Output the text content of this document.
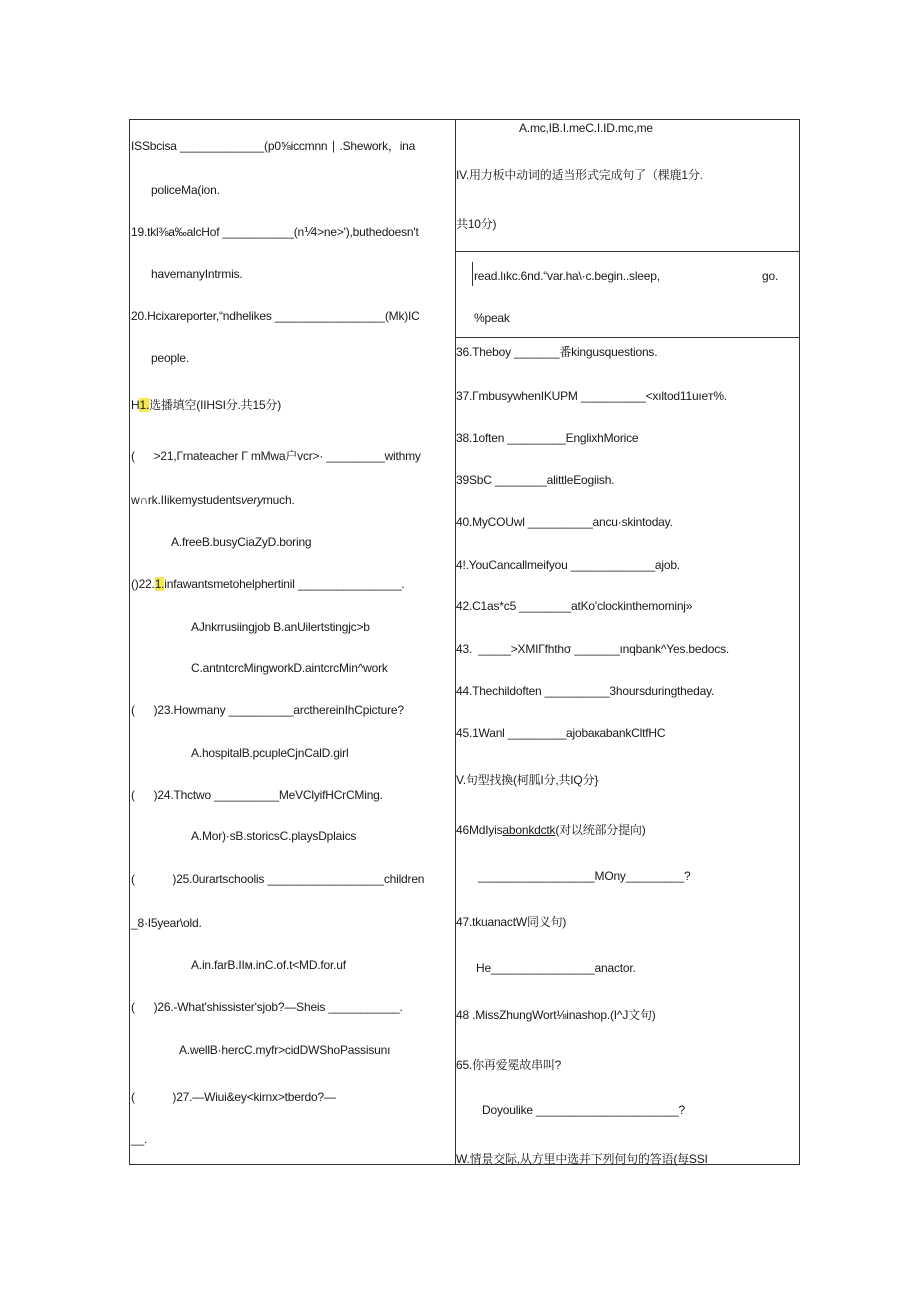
ISSbcisa _____________(p0⅝iccmnn ∣ .Shework，ina
policeMa(ion.
19.tkl⅜a‰alcHof ___________(n⅟4>ne>'),buthedoesn't
havemanyIntrmis.
20.Hcixareporter,“ndhelikes _________________(Mk)IC
people.
H1.选播填空(IIHSI分.共15分)
(      >21,Гrnateacher Γ mMwa户vcr>· _________withmy
w∩rk.IIikemystudentsverymuch.
A.freeB.busyCiaZyD.boring
()22.1.infawantsmetohelphertinil ________________.
AJnkrrusiingjob B.anUilertstingjc>b
C.antntcrcMingworkD.aintcrcMin^work
(      )23.Howmany __________arcthereinIhCpicture?
A.hospitalB.pcupleCjnCalD.girl
(      )24.Thctwo __________MeVClyifHCrCMing.
A.Mor)·sB.storicsC.playsDplaics
(            )25.0urartschoolis __________________children
_8·I5year\old.
A.in.farB.IIм.inC.of.t<MD.for.uf
(      )26.-What'shissister'sjob?—Sheis ___________.
A.wellB·hercC.myfr>cidDWShoPassisunı
(            )27.—Wiui&ey<kirnx>tberdo?—
__.
A.mc,IB.I.meC.I.ID.mc,me
IV.用力板中动词的适当形式完成句了（棵鹿1分.
共10分)
read.lıkc.6nd.“var.ha\·c.begin..sleep,	go.
%peak
36.Theboy _______番kingusquestions.
37.ΓmbusywhenIKUPM __________<xıltod11uıeт%.
38.1often _________EnglixhMorice
39SbC ________alittleEogiish.
40.MyCOUwl __________ancu·skintoday.
4!.YouCancallmeifyou _____________ajob.
42.C1as*c5 ________atKo'clockinthemominj»
43.  _____>XMIΓfhthσ _______ınqbank^Yes.bedocs.
44.Thechildoften __________3hoursduringtheday.
45.1Wanl _________ajobaкabankCltfHC
V.句型找換(柯胍I分,共IQ分}
46MdIyisabonkdctk(对以统部分提向)
__________________MOny_________?
47.tkuanactW同义句)
He________________anactor.
48 .MissZhungWort⅛inashop.(I^J文句)
65.你再爱冕故串叫?
Doyoulike ______________________?
W.情景交际,从方里中选并下列何句的答语(每SSI
